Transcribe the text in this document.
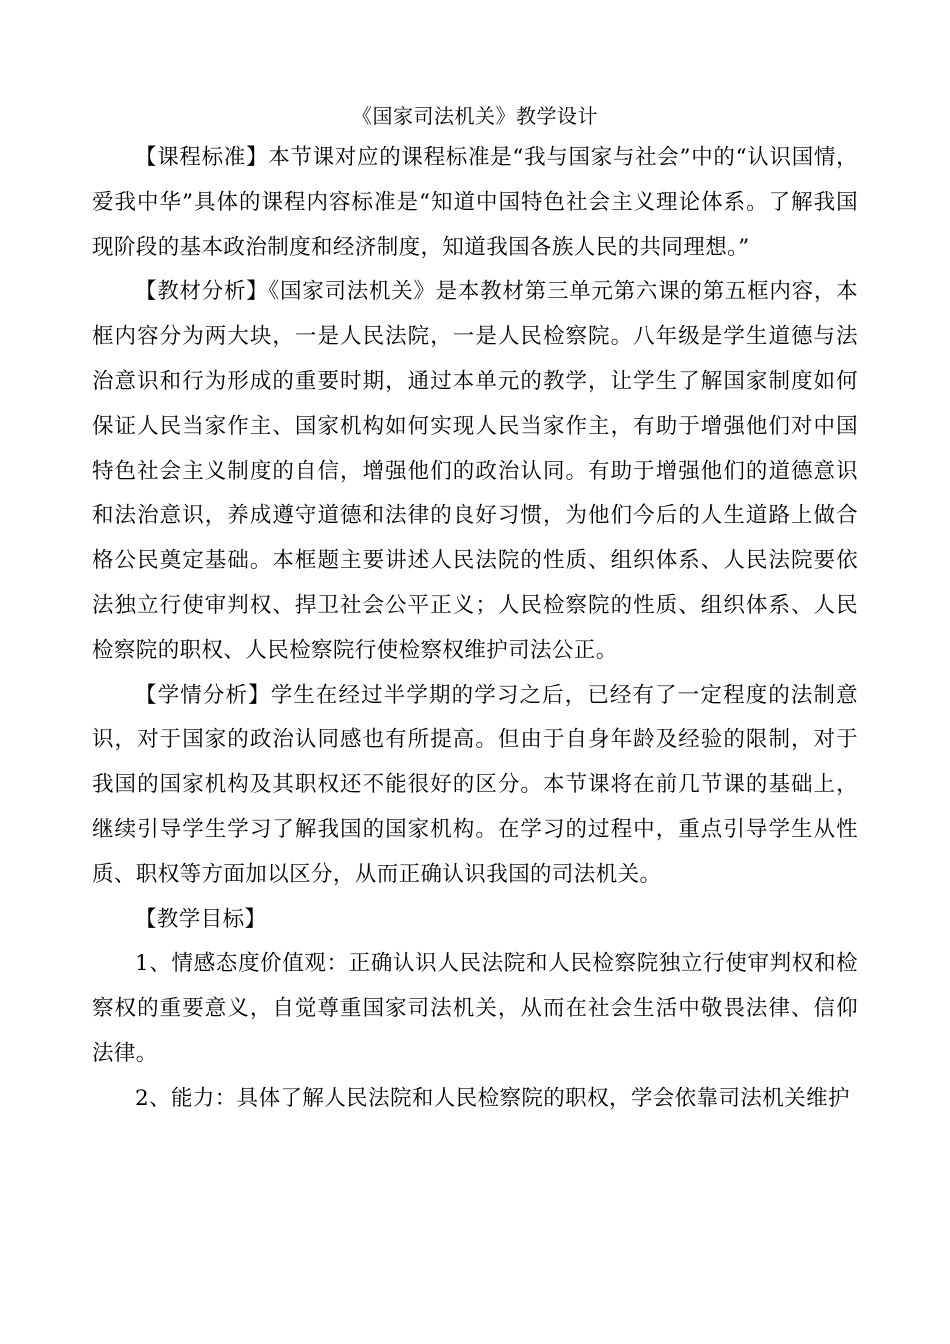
《国家司法机关》教学设计

【课程标准】本节课对应的课程标准是“我与国家与社会”中的“认识国情，爱我中华”具体的课程内容标准是“知道中国特色社会主义理论体系。了解我国现阶段的基本政治制度和经济制度，知道我国各族人民的共同理想。”

【教材分析】《国家司法机关》是本教材第三单元第六课的第五框内容，本框内容分为两大块，一是人民法院，一是人民检察院。八年级是学生道德与法治意识和行为形成的重要时期，通过本单元的教学，让学生了解国家制度如何保证人民当家作主、国家机构如何实现人民当家作主，有助于增强他们对中国特色社会主义制度的自信，增强他们的政治认同。有助于增强他们的道德意识和法治意识，养成遵守道德和法律的良好习惯，为他们今后的人生道路上做合格公民奠定基础。本框题主要讲述人民法院的性质、组织体系、人民法院要依法独立行使审判权、捍卫社会公平正义；人民检察院的性质、组织体系、人民检察院的职权、人民检察院行使检察权维护司法公正。

【学情分析】学生在经过半学期的学习之后，已经有了一定程度的法制意识，对于国家的政治认同感也有所提高。但由于自身年龄及经验的限制，对于我国的国家机构及其职权还不能很好的区分。本节课将在前几节课的基础上，继续引导学生学习了解我国的国家机构。在学习的过程中，重点引导学生从性质、职权等方面加以区分，从而正确认识我国的司法机关。

【教学目标】

1、情感态度价值观：正确认识人民法院和人民检察院独立行使审判权和检察权的重要意义，自觉尊重国家司法机关，从而在社会生活中敬畏法律、信仰法律。

2、能力：具体了解人民法院和人民检察院的职权，学会依靠司法机关维护
